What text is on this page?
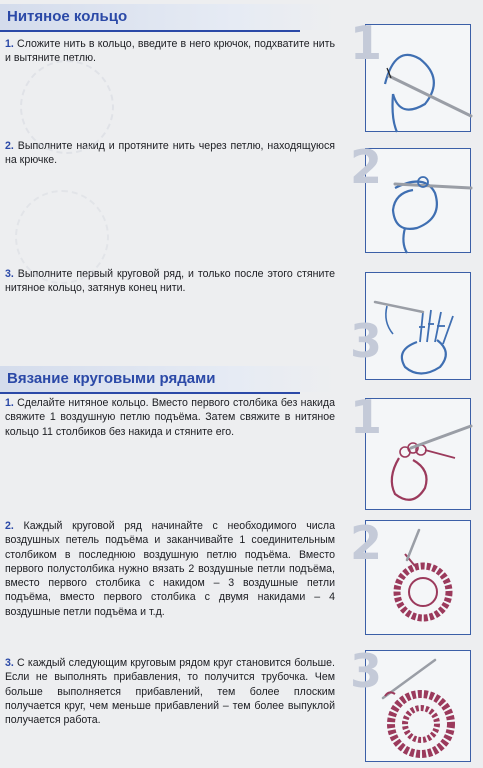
Нитяное кольцо
1. Сложите нить в кольцо, введите в него крючок, подхватите нить и вытяните петлю.
2. Выполните накид и протяните нить через петлю, находящуюся на крючке.
3. Выполните первый круговой ряд, и только после этого стяните нитяное кольцо, затянув конец нити.
1
2
3
Вязание круговыми рядами
1. Сделайте нитяное кольцо. Вместо первого столбика без накида свяжите 1 воздушную петлю подъёма. Затем свяжите в нитяное кольцо 11 столбиков без накида и стяните его.
2. Каждый круговой ряд начинайте с необходимого числа воздушных петель подъёма и заканчивайте 1 соединительным столбиком в последнюю воздушную петлю подъёма. Вместо первого полустолбика нужно вязать 2 воздушные петли подъёма, вместо первого столбика с накидом – 3 воздушные петли подъёма, вместо первого столбика с двумя накидами – 4 воздушные петли подъёма и т.д.
3. С каждый следующим круговым рядом круг становится больше. Если не выполнять прибавления, то получится трубочка. Чем больше выполняется прибавлений, тем более плоским получается круг, чем меньше прибавлений – тем более выпуклой получается работа.
1
2
3
